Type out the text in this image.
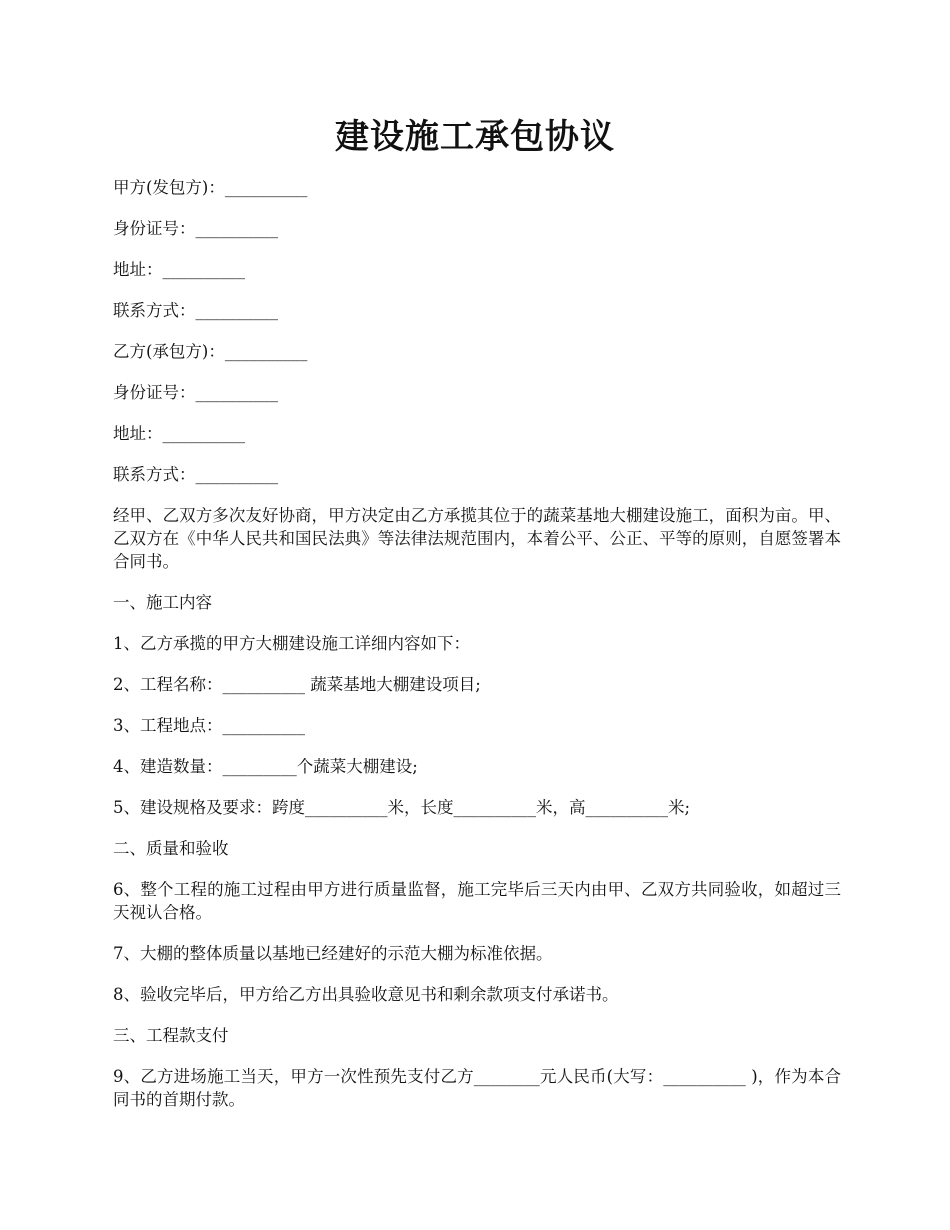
建设施工承包协议

甲方(发包方)：__________

身份证号：__________

地址：__________

联系方式：__________

乙方(承包方)：__________

身份证号：__________

地址：__________

联系方式：__________

经甲、乙双方多次友好协商，甲方决定由乙方承揽其位于的蔬菜基地大棚建设施工，面积为亩。甲、乙双方在《中华人民共和国民法典》等法律法规范围内，本着公平、公正、平等的原则，自愿签署本合同书。

一、施工内容

1、乙方承揽的甲方大棚建设施工详细内容如下：

2、工程名称：__________ 蔬菜基地大棚建设项目;

3、工程地点：__________

4、建造数量：_________个蔬菜大棚建设;

5、建设规格及要求：跨度__________米，长度__________米，高__________米;

二、质量和验收

6、整个工程的施工过程由甲方进行质量监督，施工完毕后三天内由甲、乙双方共同验收，如超过三天视认合格。

7、大棚的整体质量以基地已经建好的示范大棚为标准依据。

8、验收完毕后，甲方给乙方出具验收意见书和剩余款项支付承诺书。

三、工程款支付

9、乙方进场施工当天，甲方一次性预先支付乙方________元人民币(大写：__________ )，作为本合同书的首期付款。
